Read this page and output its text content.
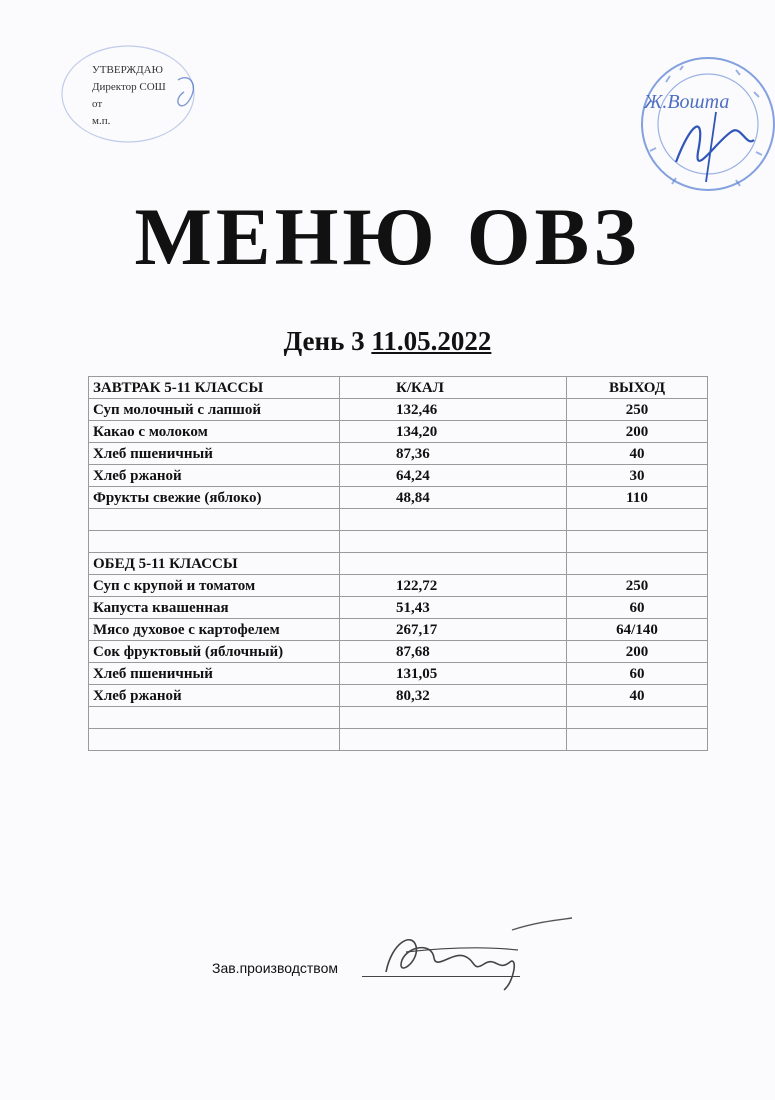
УТВЕРЖДАЮ
Директор СОШ
от
м.п.
Ж.Вошта
МЕНЮ ОВЗ
День 3 11.05.2022
ЗАВТРАК 5-11 КЛАССЫ	К/КАЛ	ВЫХОД
Суп молочный с лапшой	132,46	250
Какао с молоком	134,20	200
Хлеб пшеничный	87,36	40
Хлеб ржаной	64,24	30
Фрукты свежие (яблоко)	48,84	110

ОБЕД 5-11 КЛАССЫ		
Суп с крупой и томатом	122,72	250
Капуста квашенная	51,43	60
Мясо духовое с картофелем	267,17	64/140
Сок фруктовый (яблочный)	87,68	200
Хлеб пшеничный	131,05	60
Хлеб ржаной	80,32	40

Зав.производством
